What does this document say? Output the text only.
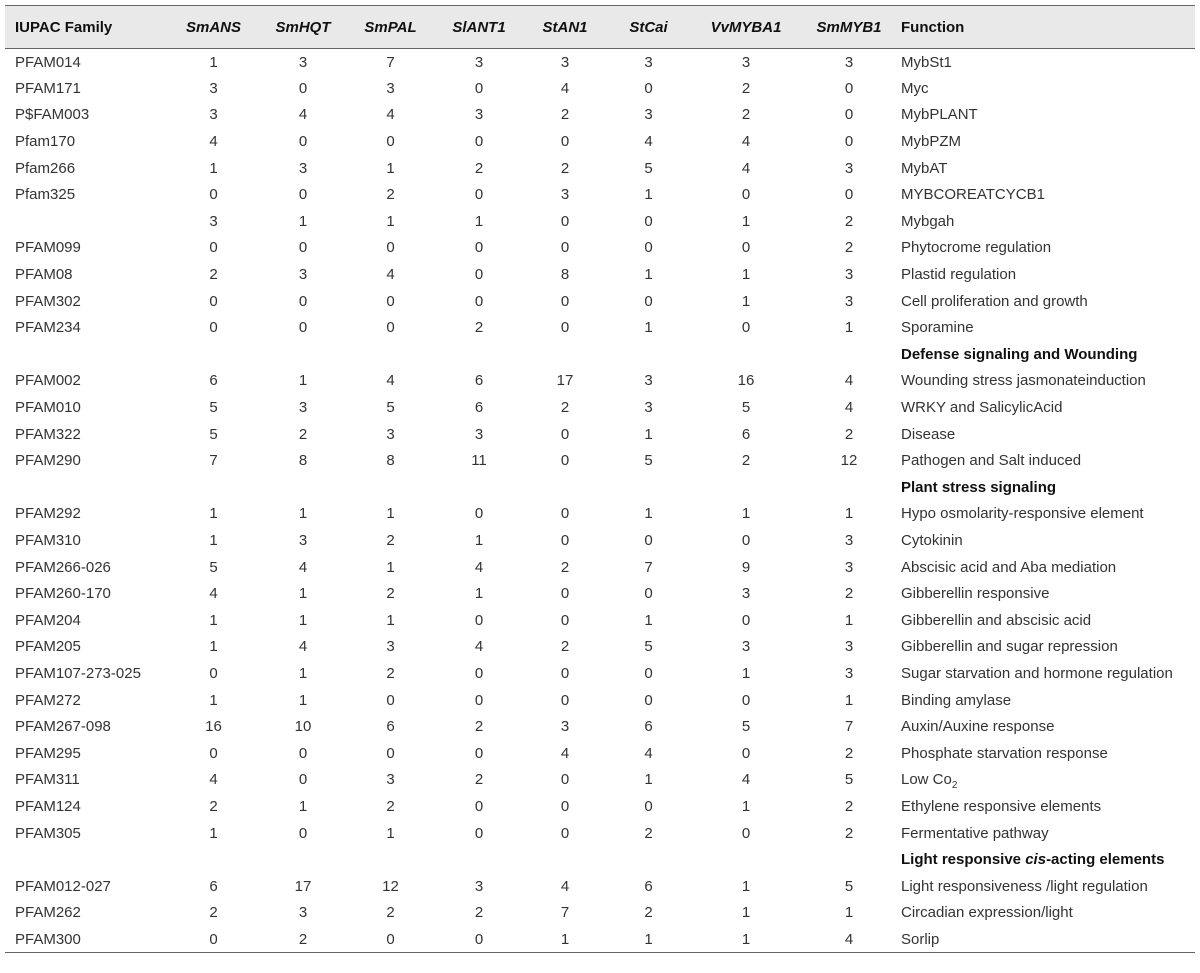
IUPAC Family	SmANS	SmHQT	SmPAL	SlANT1	StAN1	StCai	VvMYBA1	SmMYB1	Function
PFAM014	1	3	7	3	3	3	3	3	MybSt1
PFAM171	3	0	3	0	4	0	2	0	Myc
P$FAM003	3	4	4	3	2	3	2	0	MybPLANT
Pfam170	4	0	0	0	0	4	4	0	MybPZM
Pfam266	1	3	1	2	2	5	4	3	MybAT
Pfam325	0	0	2	0	3	1	0	0	MYBCOREATCYCB1
	3	1	1	1	0	0	1	2	Mybgah
PFAM099	0	0	0	0	0	0	0	2	Phytocrome regulation
PFAM08	2	3	4	0	8	1	1	3	Plastid regulation
PFAM302	0	0	0	0	0	0	1	3	Cell proliferation and growth
PFAM234	0	0	0	2	0	1	0	1	Sporamine
									Defense signaling and Wounding
PFAM002	6	1	4	6	17	3	16	4	Wounding stress jasmonateinduction
PFAM010	5	3	5	6	2	3	5	4	WRKY and SalicylicAcid
PFAM322	5	2	3	3	0	1	6	2	Disease
PFAM290	7	8	8	11	0	5	2	12	Pathogen and Salt induced
									Plant stress signaling
PFAM292	1	1	1	0	0	1	1	1	Hypo osmolarity-responsive element
PFAM310	1	3	2	1	0	0	0	3	Cytokinin
PFAM266-026	5	4	1	4	2	7	9	3	Abscisic acid and Aba mediation
PFAM260-170	4	1	2	1	0	0	3	2	Gibberellin responsive
PFAM204	1	1	1	0	0	1	0	1	Gibberellin and abscisic acid
PFAM205	1	4	3	4	2	5	3	3	Gibberellin and sugar repression
PFAM107-273-025	0	1	2	0	0	0	1	3	Sugar starvation and hormone regulation
PFAM272	1	1	0	0	0	0	0	1	Binding amylase
PFAM267-098	16	10	6	2	3	6	5	7	Auxin/Auxine response
PFAM295	0	0	0	0	4	4	0	2	Phosphate starvation response
PFAM311	4	0	3	2	0	1	4	5	Low $Co_2$
PFAM124	2	1	2	0	0	0	1	2	Ethylene responsive elements
PFAM305	1	0	1	0	0	2	0	2	Fermentative pathway
									Light responsive cis-acting elements
PFAM012-027	6	17	12	3	4	6	1	5	Light responsiveness /light regulation
PFAM262	2	3	2	2	7	2	1	1	Circadian expression/light
PFAM300	0	2	0	0	1	1	1	4	Sorlip
